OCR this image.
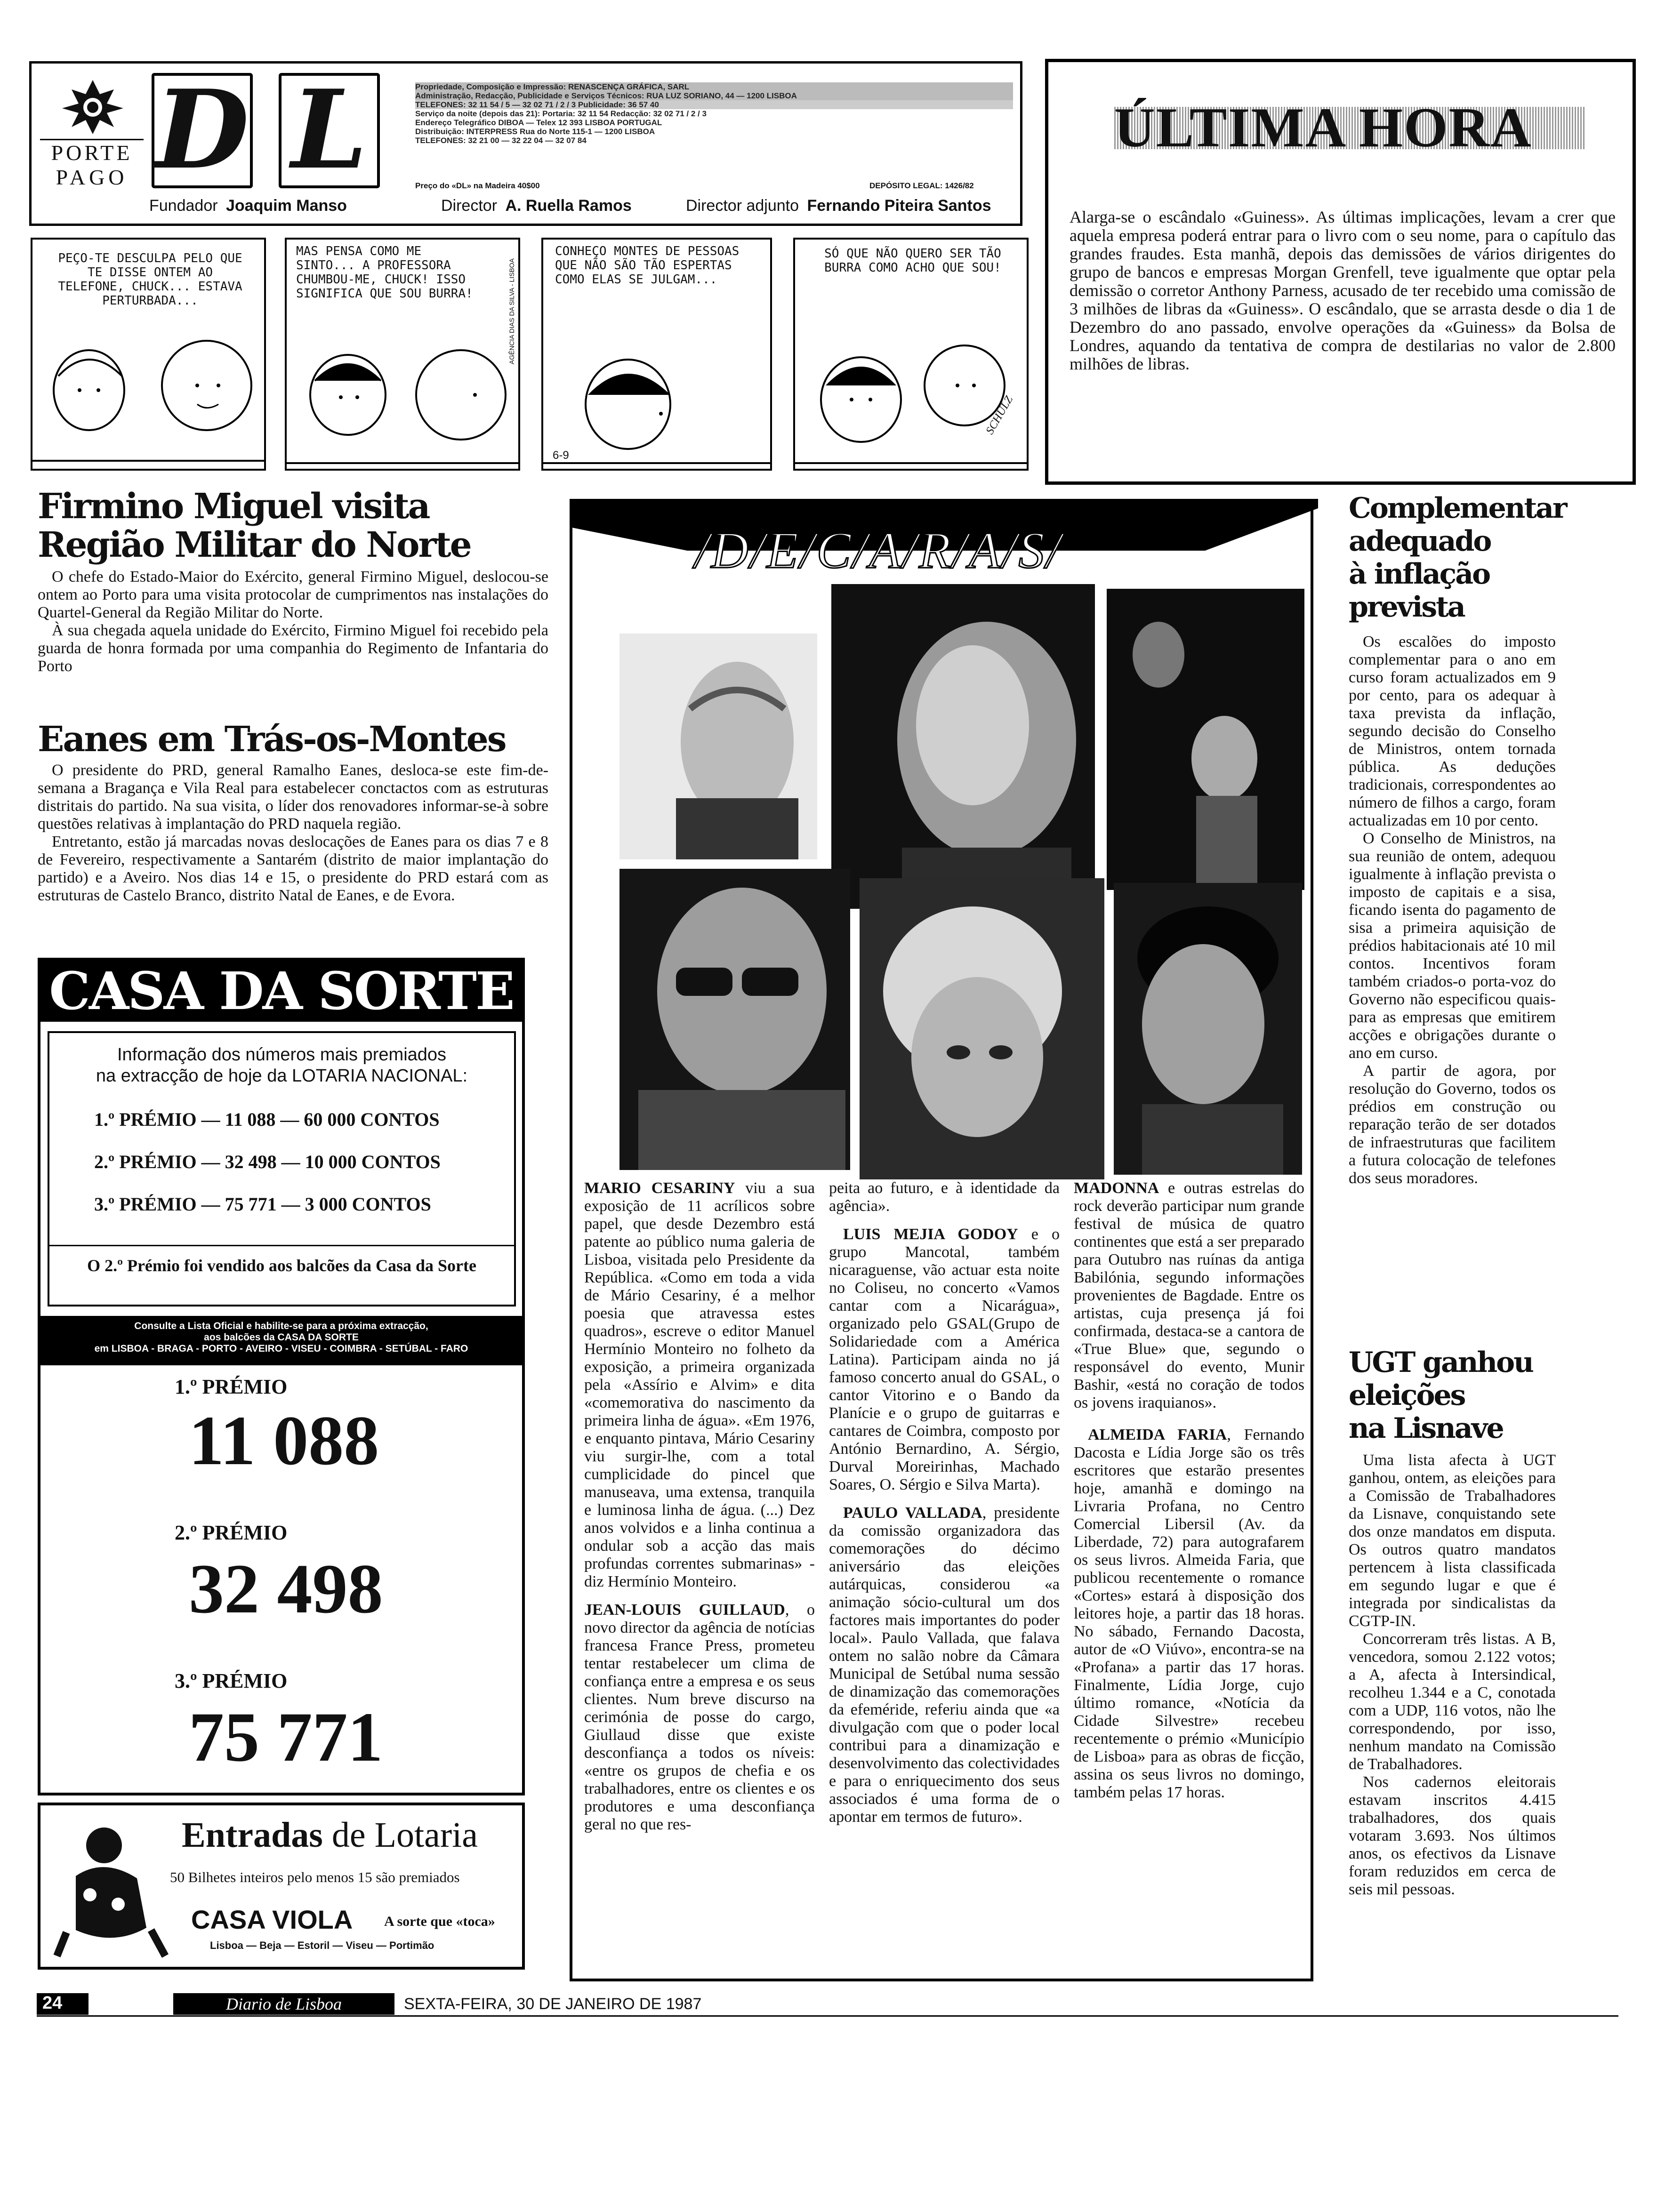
PORTE
PAGO D L	Propriedade, Composição e Impressão: RENASCENÇA GRÁFICA, SARL
Administração, Redacção, Publicidade e Serviços Técnicos: RUA LUZ SORIANO, 44 — 1200 LISBOA
TELEFONES: 32 11 54 / 5 — 32 02 71 / 2 / 3 Publicidade: 36 57 40
Serviço da noite (depois das 21): Portaria: 32 11 54 Redacção: 32 02 71 / 2 / 3
Endereço Telegráfico DIBOA — Telex 12 393 LISBOA PORTUGAL
Distribuição: INTERPRESS Rua do Norte 115-1 — 1200 LISBOA
TELEFONES: 32 21 00 — 32 22 04 — 32 07 84
Preço do «DL» na Madeira 40$00	DEPÓSITO LEGAL: 1426/82
Fundador Joaquim Manso	Director A. Ruella Ramos	Director adjunto Fernando Piteira Santos
ÚLTIMA HORA
Alarga-se o escândalo «Guiness». As últimas implicações, levam a crer que aquela empresa poderá entrar para o livro com o seu nome, para o capítulo das grandes fraudes. Esta manhã, depois das demissões de vários dirigentes do grupo de bancos e empresas Morgan Grenfell, teve igualmente que optar pela demissão o corretor Anthony Parness, acusado de ter recebido uma comissão de 3 milhões de libras da «Guiness». O escândalo, que se arrasta desde o dia 1 de Dezembro do ano passado, envolve operações da «Guiness» da Bolsa de Londres, aquando da tentativa de compra de destilarias no valor de 2.800 milhões de libras.
PEÇO-TE DESCULPA PELO QUE TE DISSE ONTEM AO TELEFONE, CHUCK... ESTAVA PERTURBADA...
MAS PENSA COMO ME SINTO... A PROFESSORA CHUMBOU-ME, CHUCK! ISSO SIGNIFICA QUE SOU BURRA!	AGÊNCIA DIAS DA SILVA - LISBOA
CONHEÇO MONTES DE PESSOAS QUE NÃO SÃO TÃO ESPERTAS COMO ELAS SE JULGAM...
6-9
SÓ QUE NÃO QUERO SER TÃO BURRA COMO ACHO QUE SOU!
SCHULZ
Firmino Miguel visita
Região Militar do Norte

O chefe do Estado-Maior do Exército, general Firmino Miguel, deslocou-se ontem ao Porto para uma visita protocolar de cumprimentos nas instalações do Quartel-General da Região Militar do Norte.

À sua chegada aquela unidade do Exército, Firmino Miguel foi recebido pela guarda de honra formada por uma companhia do Regimento de Infantaria do Porto

Eanes em Trás-os-Montes

O presidente do PRD, general Ramalho Eanes, desloca-se este fim-de-semana a Bragança e Vila Real para estabelecer conctactos com as estruturas distritais do partido. Na sua visita, o líder dos renovadores informar-se-à sobre questões relativas à implantação do PRD naquela região.

Entretanto, estão já marcadas novas deslocações de Eanes para os dias 7 e 8 de Fevereiro, respectivamente a Santarém (distrito de maior implantação do partido) e a Aveiro. Nos dias 14 e 15, o presidente do PRD estará com as estruturas de Castelo Branco, distrito Natal de Eanes, e de Evora.

CASA DA SORTE
Informação dos números mais premiados
na extracção de hoje da LOTARIA NACIONAL:
1.º PRÉMIO — 11 088 — 60 000 CONTOS
2.º PRÉMIO — 32 498 — 10 000 CONTOS
3.º PRÉMIO — 75 771 — 3 000 CONTOS
O 2.º Prémio foi vendido aos balcões da Casa da Sorte
Consulte a Lista Oficial e habilite-se para a próxima extracção,
aos balcões da CASA DA SORTE
em LISBOA - BRAGA - PORTO - AVEIRO - VISEU - COIMBRA - SETÚBAL - FARO
1.º PRÉMIO
11 088
2.º PRÉMIO
32 498
3.º PRÉMIO
75 771
Entradas de Lotaria
50 Bilhetes inteiros pelo menos 15 são premiados
CASA VIOLA A sorte que «toca»
Lisboa — Beja — Estoril — Viseu — Portimão
/D/E/C/A/R/A/S/

MARIO CESARINY viu a sua exposição de 11 acrílicos sobre papel, que desde Dezembro está patente ao público numa galeria de Lisboa, visitada pelo Presidente da República. «Como em toda a vida de Mário Cesariny, é a melhor poesia que atravessa estes quadros», escreve o editor Manuel Hermínio Monteiro no folheto da exposição, a primeira organizada pela «Assírio e Alvim» e dita «comemorativa do nascimento da primeira linha de água». «Em 1976, e enquanto pintava, Mário Cesariny viu surgir-lhe, com a total cumplicidade do pincel que manuseava, uma extensa, tranquila e luminosa linha de água. (...) Dez anos volvidos e a linha continua a ondular sob a acção das mais profundas correntes submarinas» - diz Hermínio Monteiro.

JEAN-LOUIS GUILLAUD, o novo director da agência de notícias francesa France Press, prometeu tentar restabelecer um clima de confiança entre a empresa e os seus clientes. Num breve discurso na cerimónia de posse do cargo, Giullaud disse que existe desconfiança a todos os níveis: «entre os grupos de chefia e os trabalhadores, entre os clientes e os produtores e uma desconfiança geral no que res-

peita ao futuro, e à identidade da agência».

LUIS MEJIA GODOY e o grupo Mancotal, também nicaraguense, vão actuar esta noite no Coliseu, no concerto «Vamos cantar com a Nicarágua», organizado pelo GSAL(Grupo de Solidariedade com a América Latina). Participam ainda no já famoso concerto anual do GSAL, o cantor Vitorino e o Bando da Planície e o grupo de guitarras e cantares de Coimbra, composto por António Bernardino, A. Sérgio, Durval Moreirinhas, Machado Soares, O. Sérgio e Silva Marta).

PAULO VALLADA, presidente da comissão organizadora das comemorações do décimo aniversário das eleições autárquicas, considerou «a animação sócio-cultural um dos factores mais importantes do poder local». Paulo Vallada, que falava ontem no salão nobre da Câmara Municipal de Setúbal numa sessão de dinamização das comemorações da efeméride, referiu ainda que «a divulgação com que o poder local contribui para a dinamização e desenvolvimento das colectividades e para o enriquecimento dos seus associados é uma forma de o apontar em termos de futuro».

MADONNA e outras estrelas do rock deverão participar num grande festival de música de quatro continentes que está a ser preparado para Outubro nas ruínas da antiga Babilónia, segundo informações provenientes de Bagdade. Entre os artistas, cuja presença já foi confirmada, destaca-se a cantora de «True Blue» que, segundo o responsável do evento, Munir Bashir, «está no coração de todos os jovens iraquianos».

ALMEIDA FARIA, Fernando Dacosta e Lídia Jorge são os três escritores que estarão presentes hoje, amanhã e domingo na Livraria Profana, no Centro Comercial Libersil (Av. da Liberdade, 72) para autografarem os seus livros. Almeida Faria, que publicou recentemente o romance «Cortes» estará à disposição dos leitores hoje, a partir das 18 horas. No sábado, Fernando Dacosta, autor de «O Viúvo», encontra-se na «Profana» a partir das 17 horas. Finalmente, Lídia Jorge, cujo último romance, «Notícia da Cidade Silvestre» recebeu recentemente o prémio «Município de Lisboa» para as obras de ficção, assina os seus livros no domingo, também pelas 17 horas.

Complementar
adequado
à inflação
prevista

Os escalões do imposto complementar para o ano em curso foram actualizados em 9 por cento, para os adequar à taxa prevista da inflação, segundo decisão do Conselho de Ministros, ontem tornada pública. As deduções tradicionais, correspondentes ao número de filhos a cargo, foram actualizadas em 10 por cento.

O Conselho de Ministros, na sua reunião de ontem, adequou igualmente à inflação prevista o imposto de capitais e a sisa, ficando isenta do pagamento de sisa a primeira aquisição de prédios habitacionais até 10 mil contos. Incentivos foram também criados-o porta-voz do Governo não especificou quais- para as empresas que emitirem acções e obrigações durante o ano em curso.

A partir de agora, por resolução do Governo, todos os prédios em construção ou reparação terão de ser dotados de infraestruturas que facilitem a futura colocação de telefones dos seus moradores.

UGT ganhou
eleições
na Lisnave

Uma lista afecta à UGT ganhou, ontem, as eleições para a Comissão de Trabalhadores da Lisnave, conquistando sete dos onze mandatos em disputa. Os outros quatro mandatos pertencem à lista classificada em segundo lugar e que é integrada por sindicalistas da CGTP-IN.

Concorreram três listas. A B, vencedora, somou 2.122 votos; a A, afecta à Intersindical, recolheu 1.344 e a C, conotada com a UDP, 116 votos, não lhe correspondendo, por isso, nenhum mandato na Comissão de Trabalhadores.

Nos cadernos eleitorais estavam inscritos 4.415 trabalhadores, dos quais votaram 3.693. Nos últimos anos, os efectivos da Lisnave foram reduzidos em cerca de seis mil pessoas.

24	Diario de Lisboa	SEXTA-FEIRA, 30 DE JANEIRO DE 1987
